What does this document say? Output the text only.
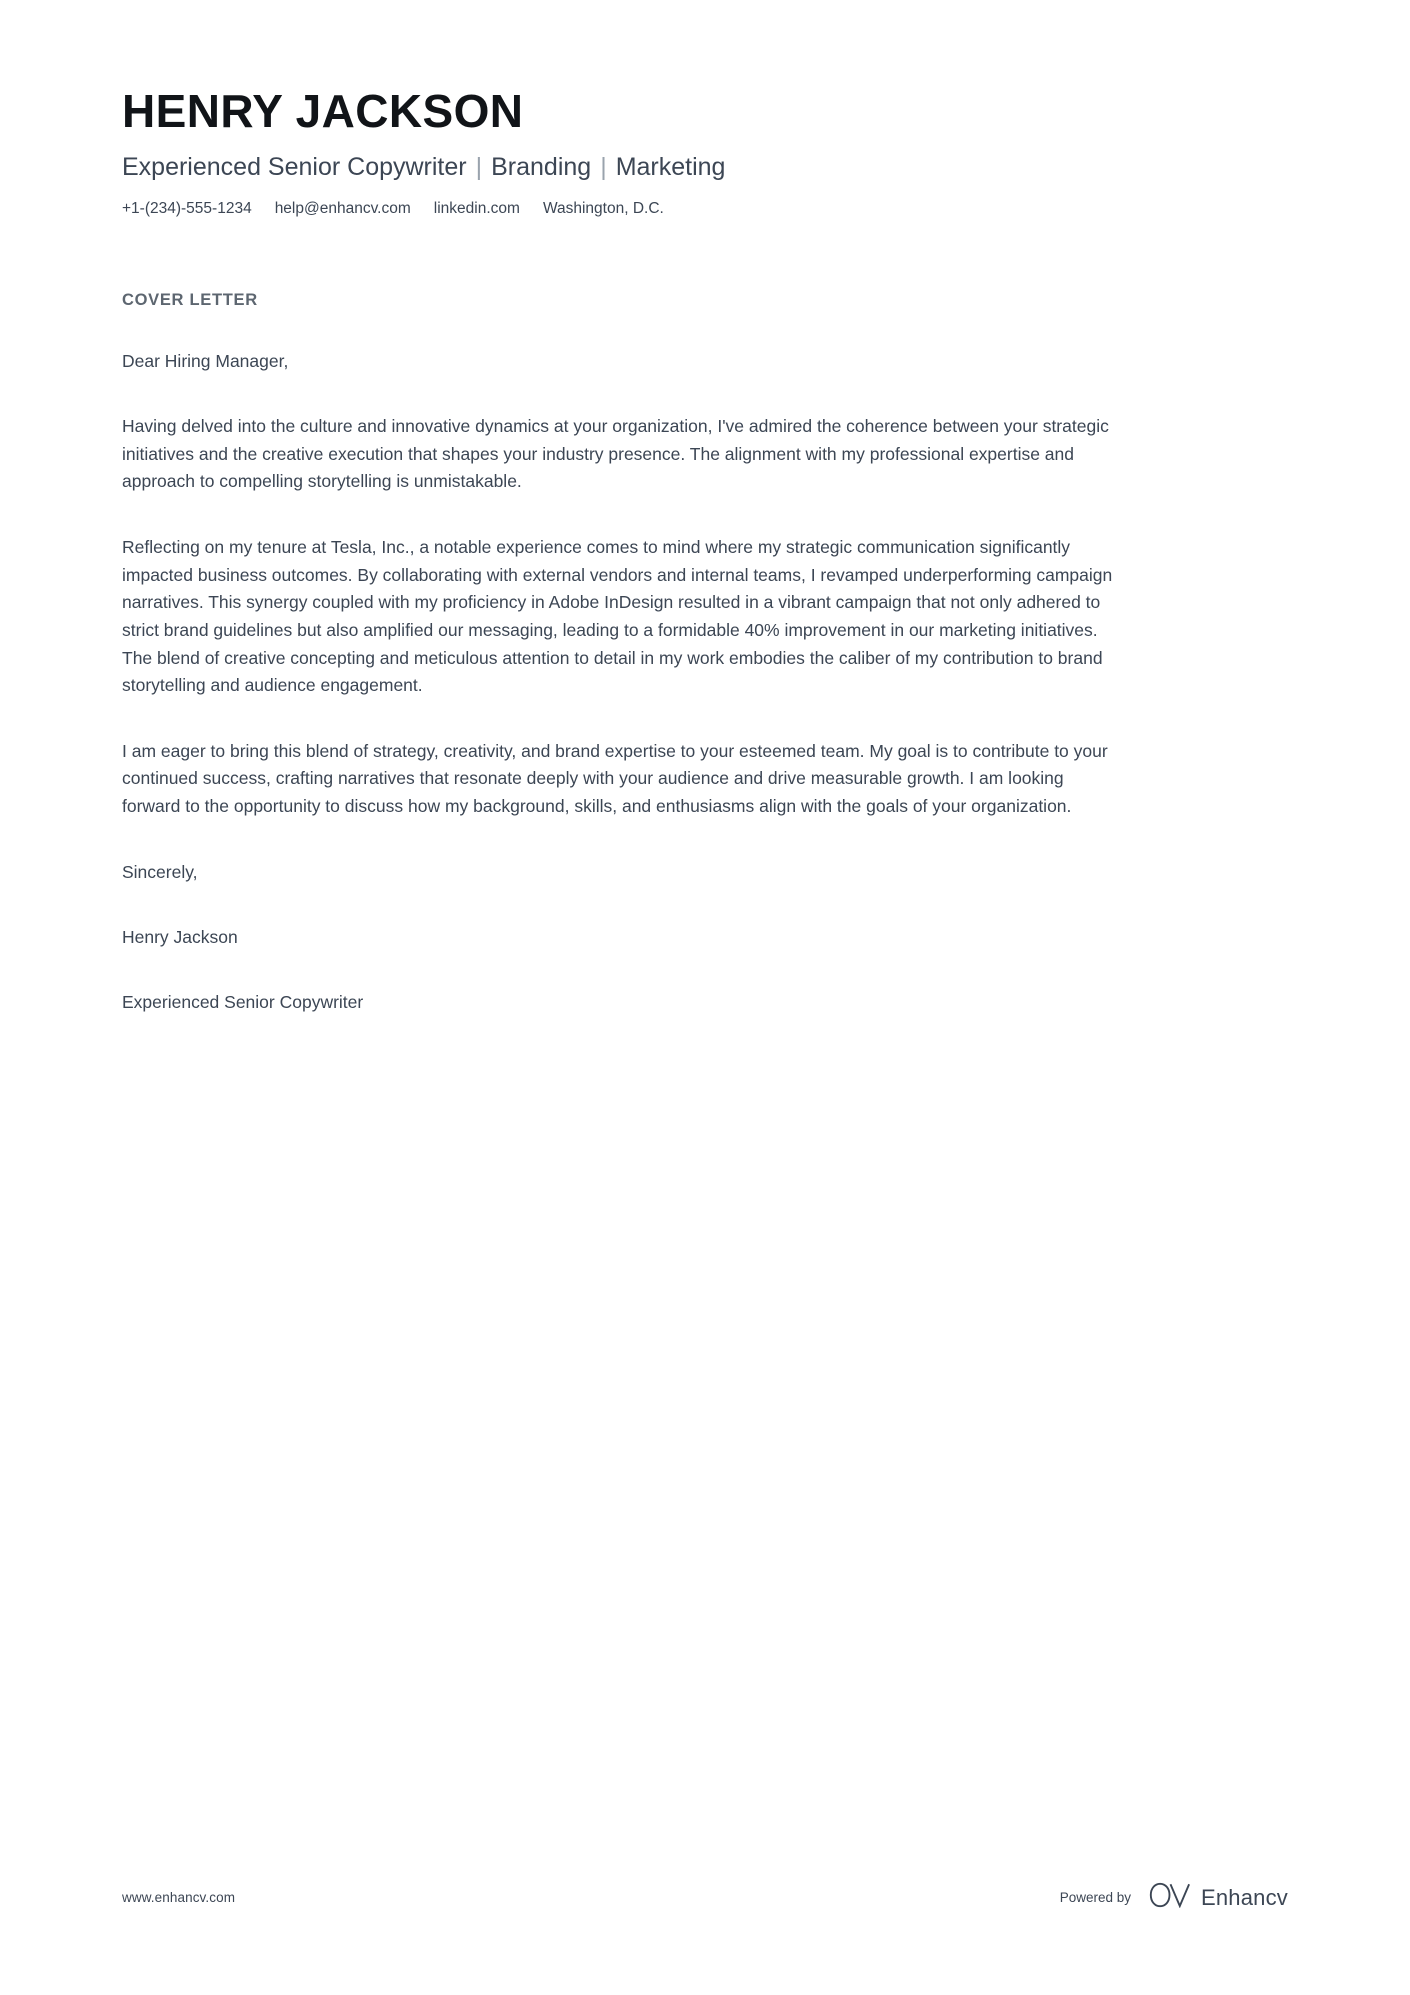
HENRY JACKSON
Experienced Senior Copywriter | Branding | Marketing
+1-(234)-555-1234 help@enhancv.com linkedin.com Washington, D.C.
COVER LETTER

Dear Hiring Manager,

Having delved into the culture and innovative dynamics at your organization, I've admired the coherence between your strategic initiatives and the creative execution that shapes your industry presence. The alignment with my professional expertise and approach to compelling storytelling is unmistakable.

Reflecting on my tenure at Tesla, Inc., a notable experience comes to mind where my strategic communication significantly impacted business outcomes. By collaborating with external vendors and internal teams, I revamped underperforming campaign narratives. This synergy coupled with my proficiency in Adobe InDesign resulted in a vibrant campaign that not only adhered to strict brand guidelines but also amplified our messaging, leading to a formidable 40% improvement in our marketing initiatives. The blend of creative concepting and meticulous attention to detail in my work embodies the caliber of my contribution to brand storytelling and audience engagement.

I am eager to bring this blend of strategy, creativity, and brand expertise to your esteemed team. My goal is to contribute to your continued success, crafting narratives that resonate deeply with your audience and drive measurable growth. I am looking forward to the opportunity to discuss how my background, skills, and enthusiasms align with the goals of your organization.

Sincerely,

Henry Jackson

Experienced Senior Copywriter

www.enhancv.com	Powered by	Enhancv
